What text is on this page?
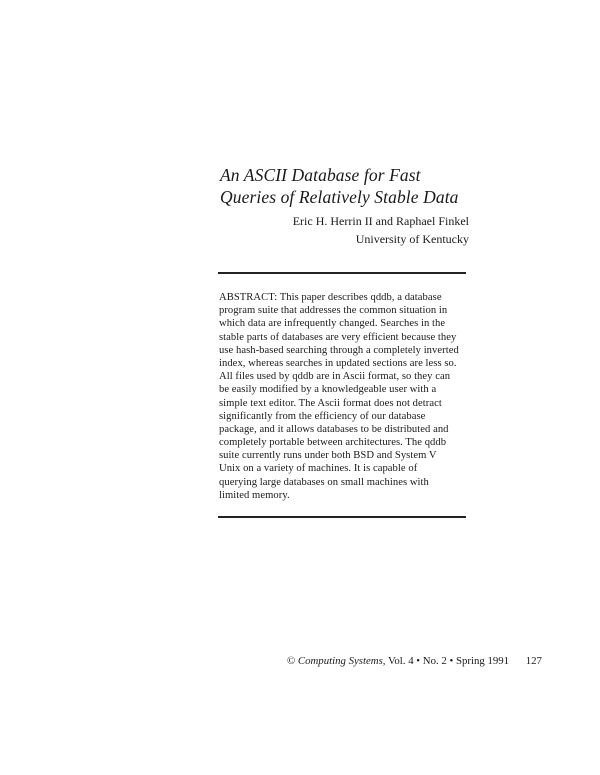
An ASCII Database for Fast
Queries of Relatively Stable Data
Eric H. Herrin II and Raphael Finkel
University of Kentucky
ABSTRACT: This paper describes qddb, a database
program suite that addresses the common situation in
which data are infrequently changed. Searches in the
stable parts of databases are very efficient because they
use hash-based searching through a completely inverted
index, whereas searches in updated sections are less so.
All files used by qddb are in Ascii format, so they can
be easily modified by a knowledgeable user with a
simple text editor. The Ascii format does not detract
significantly from the efficiency of our database
package, and it allows databases to be distributed and
completely portable between architectures. The qddb
suite currently runs under both BSD and System V
Unix on a variety of machines. It is capable of
querying large databases on small machines with
limited memory.
© Computing Systems, Vol. 4 • No. 2 • Spring 1991 127
